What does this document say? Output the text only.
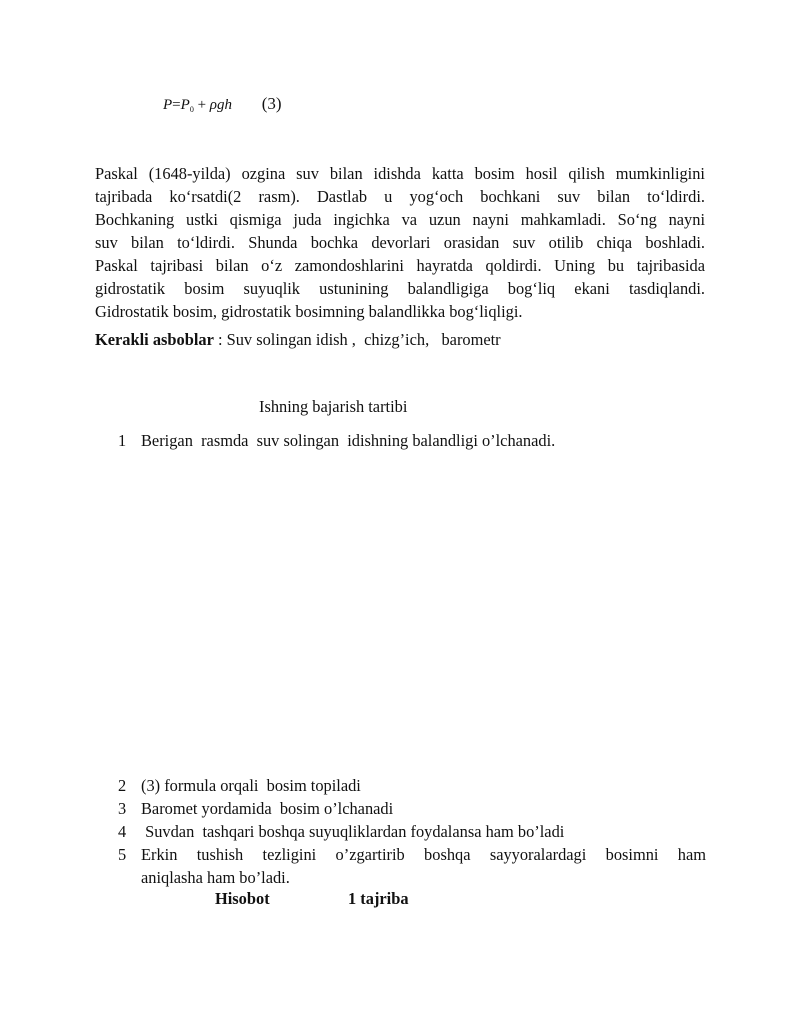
$P=P_0 + \rho gh$ (3)
Paskal (1648-yilda) ozgina suv bilan idishda katta bosim hosil qilish mumkinligini
tajribada ko‘rsatdi(2 rasm). Dastlab u yog‘och bochkani suv bilan to‘ldirdi.
Bochkaning ustki qismiga juda ingichka va uzun nayni mahkamladi. So‘ng nayni
suv bilan to‘ldirdi. Shunda bochka devorlari orasidan suv otilib chiqa boshladi.
Paskal tajribasi bilan o‘z zamondoshlarini hayratda qoldirdi. Uning bu tajribasida
gidrostatik bosim suyuqlik ustunining balandligiga bog‘liq ekani tasdiqlandi.
Gidrostatik bosim, gidrostatik bosimning balandlikka bog‘liqligi.
Kerakli asboblar : Suv solingan idish ,  chizg’ich,   barometr
Ishning bajarish tartibi
1 Berigan  rasmda  suv solingan  idishning balandligi o’lchanadi.
2 (3) formula orqali  bosim topiladi
3 Baromet yordamida  bosim o’lchanadi
4 Suvdan  tashqari boshqa suyuqliklardan foydalansa ham bo’ladi
5 Erkin tushish tezligini o’zgartirib boshqa sayyoralardagi bosimni ham
aniqlasha ham bo’ladi.
Hisobot	1 tajriba
